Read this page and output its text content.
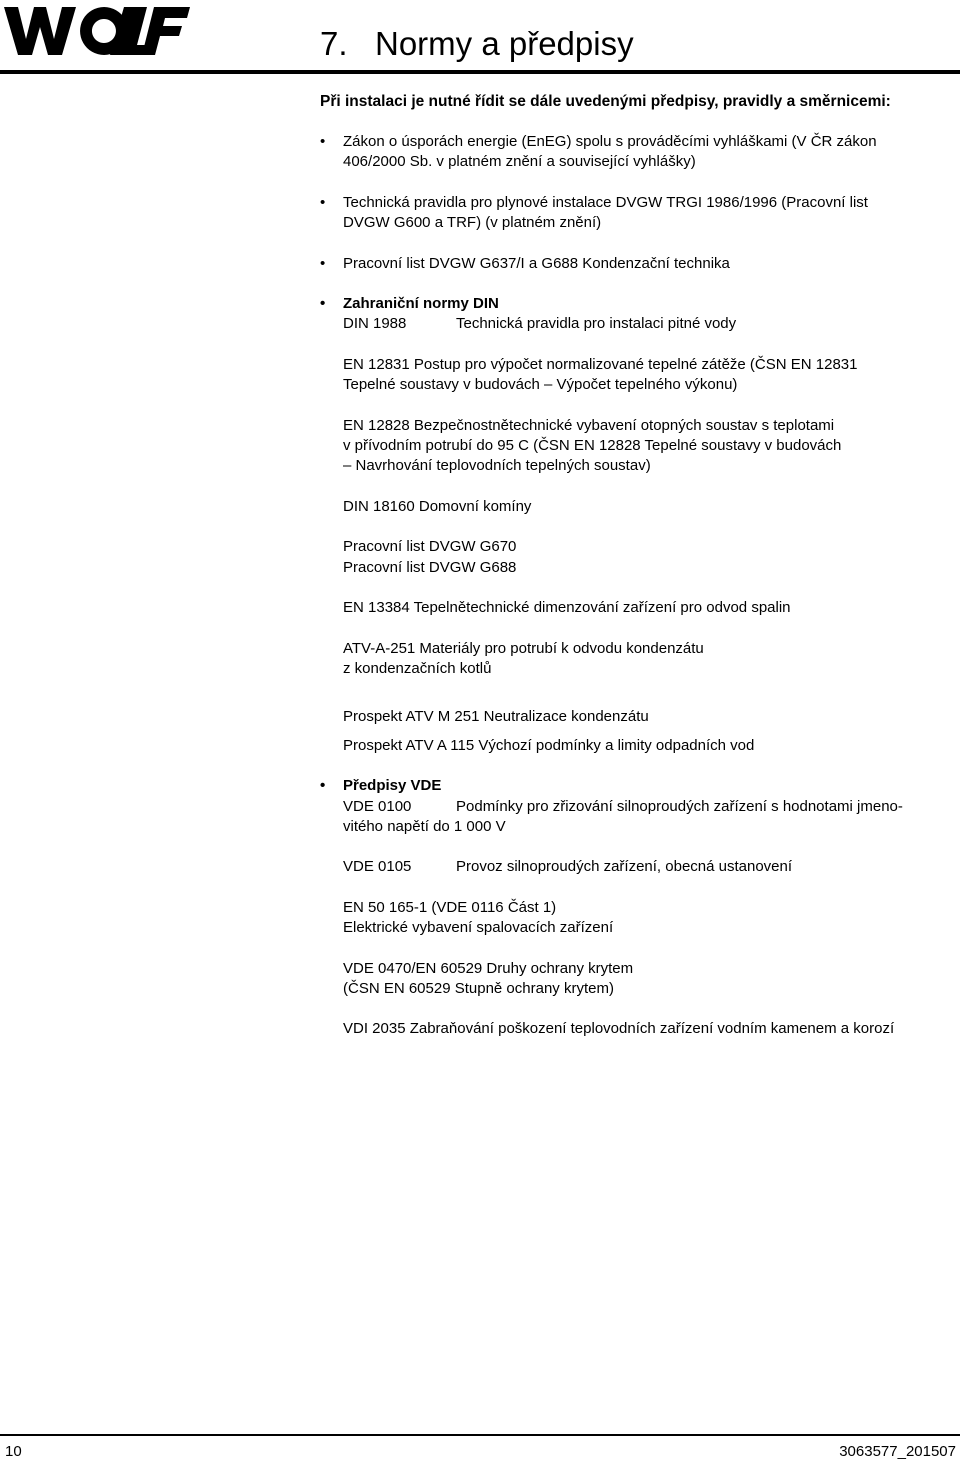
7. Normy a předpisy
Při instalaci je nutné řídit se dále uvedenými předpisy, pravidly a směrnicemi:
• Zákon o úsporách energie (EnEG) spolu s prováděcími vyhláškami (V ČR zákon
406/2000 Sb. v platném znění a související vyhlášky)
• Technická pravidla pro plynové instalace DVGW TRGI 1986/1996 (Pracovní list
DVGW G600 a TRF) (v platném znění)
• Pracovní list DVGW G637/I a G688 Kondenzační technika
• Zahraniční normy DIN
DIN 1988	Technická pravidla pro instalaci pitné vody
EN 12831 Postup pro výpočet normalizované tepelné zátěže (ČSN EN 12831
Tepelné soustavy v budovách – Výpočet tepelného výkonu)
EN 12828 Bezpečnostnětechnické vybavení otopných soustav s teplotami
v přívodním potrubí do 95 C (ČSN EN 12828 Tepelné soustavy v budovách
– Navrhování teplovodních tepelných soustav)
DIN 18160 Domovní komíny
Pracovní list DVGW G670
Pracovní list DVGW G688
EN 13384 Tepelnětechnické dimenzování zařízení pro odvod spalin
ATV-A-251 Materiály pro potrubí k odvodu kondenzátu
z kondenzačních kotlů
Prospekt ATV M 251 Neutralizace kondenzátu
Prospekt ATV A 115 Výchozí podmínky a limity odpadních vod
• Předpisy VDE
VDE 0100	Podmínky pro zřizování silnoproudých zařízení s hodnotami jmeno-
vitého napětí do 1 000 V
VDE 0105	Provoz silnoproudých zařízení, obecná ustanovení
EN 50 165-1 (VDE 0116 Část 1)
Elektrické vybavení spalovacích zařízení
VDE 0470/EN 60529 Druhy ochrany krytem
(ČSN EN 60529 Stupně ochrany krytem)
VDI 2035 Zabraňování poškození teplovodních zařízení vodním kamenem a korozí
10	3063577_201507
